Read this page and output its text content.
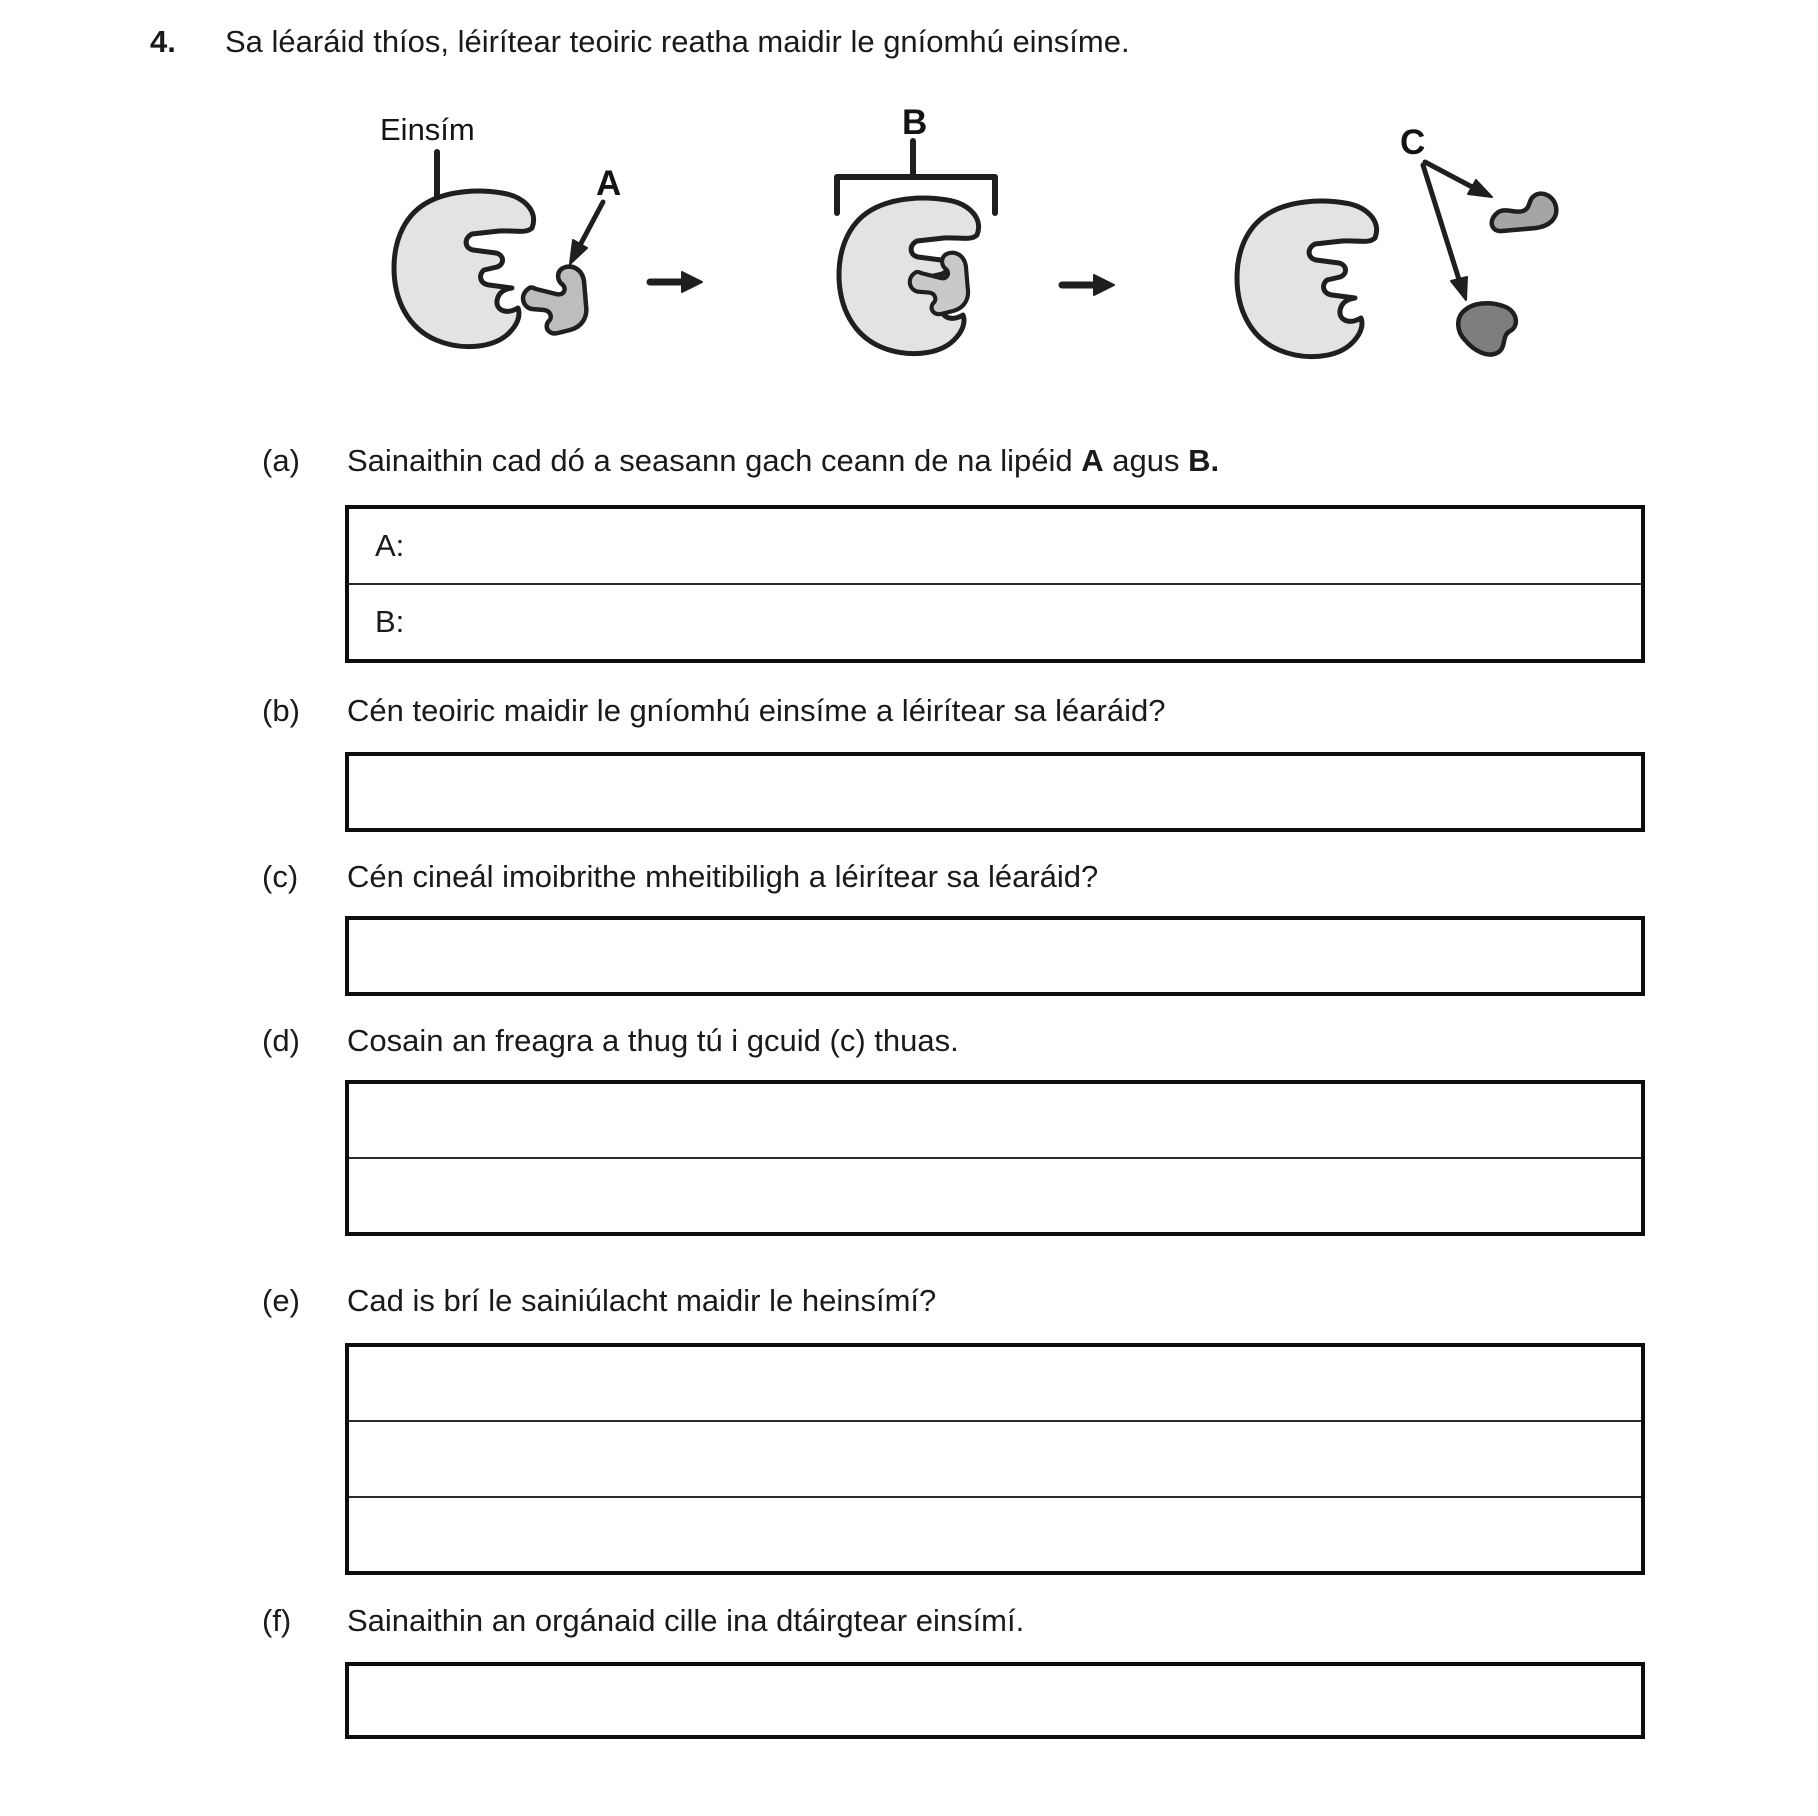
4. Sa léaráid thíos, léirítear teoiric reatha maidir le gníomhú einsíme.
Einsím
A
B
C
(a) Sainaithin cad dó a seasann gach ceann de na lipéid A agus B.
A:
B:
(b) Cén teoiric maidir le gníomhú einsíme a léirítear sa léaráid?
(c) Cén cineál imoibrithe mheitibiligh a léirítear sa léaráid?
(d) Cosain an freagra a thug tú i gcuid (c) thuas.
(e) Cad is brí le sainiúlacht maidir le heinsímí?
(f) Sainaithin an orgánaid cille ina dtáirgtear einsímí.
